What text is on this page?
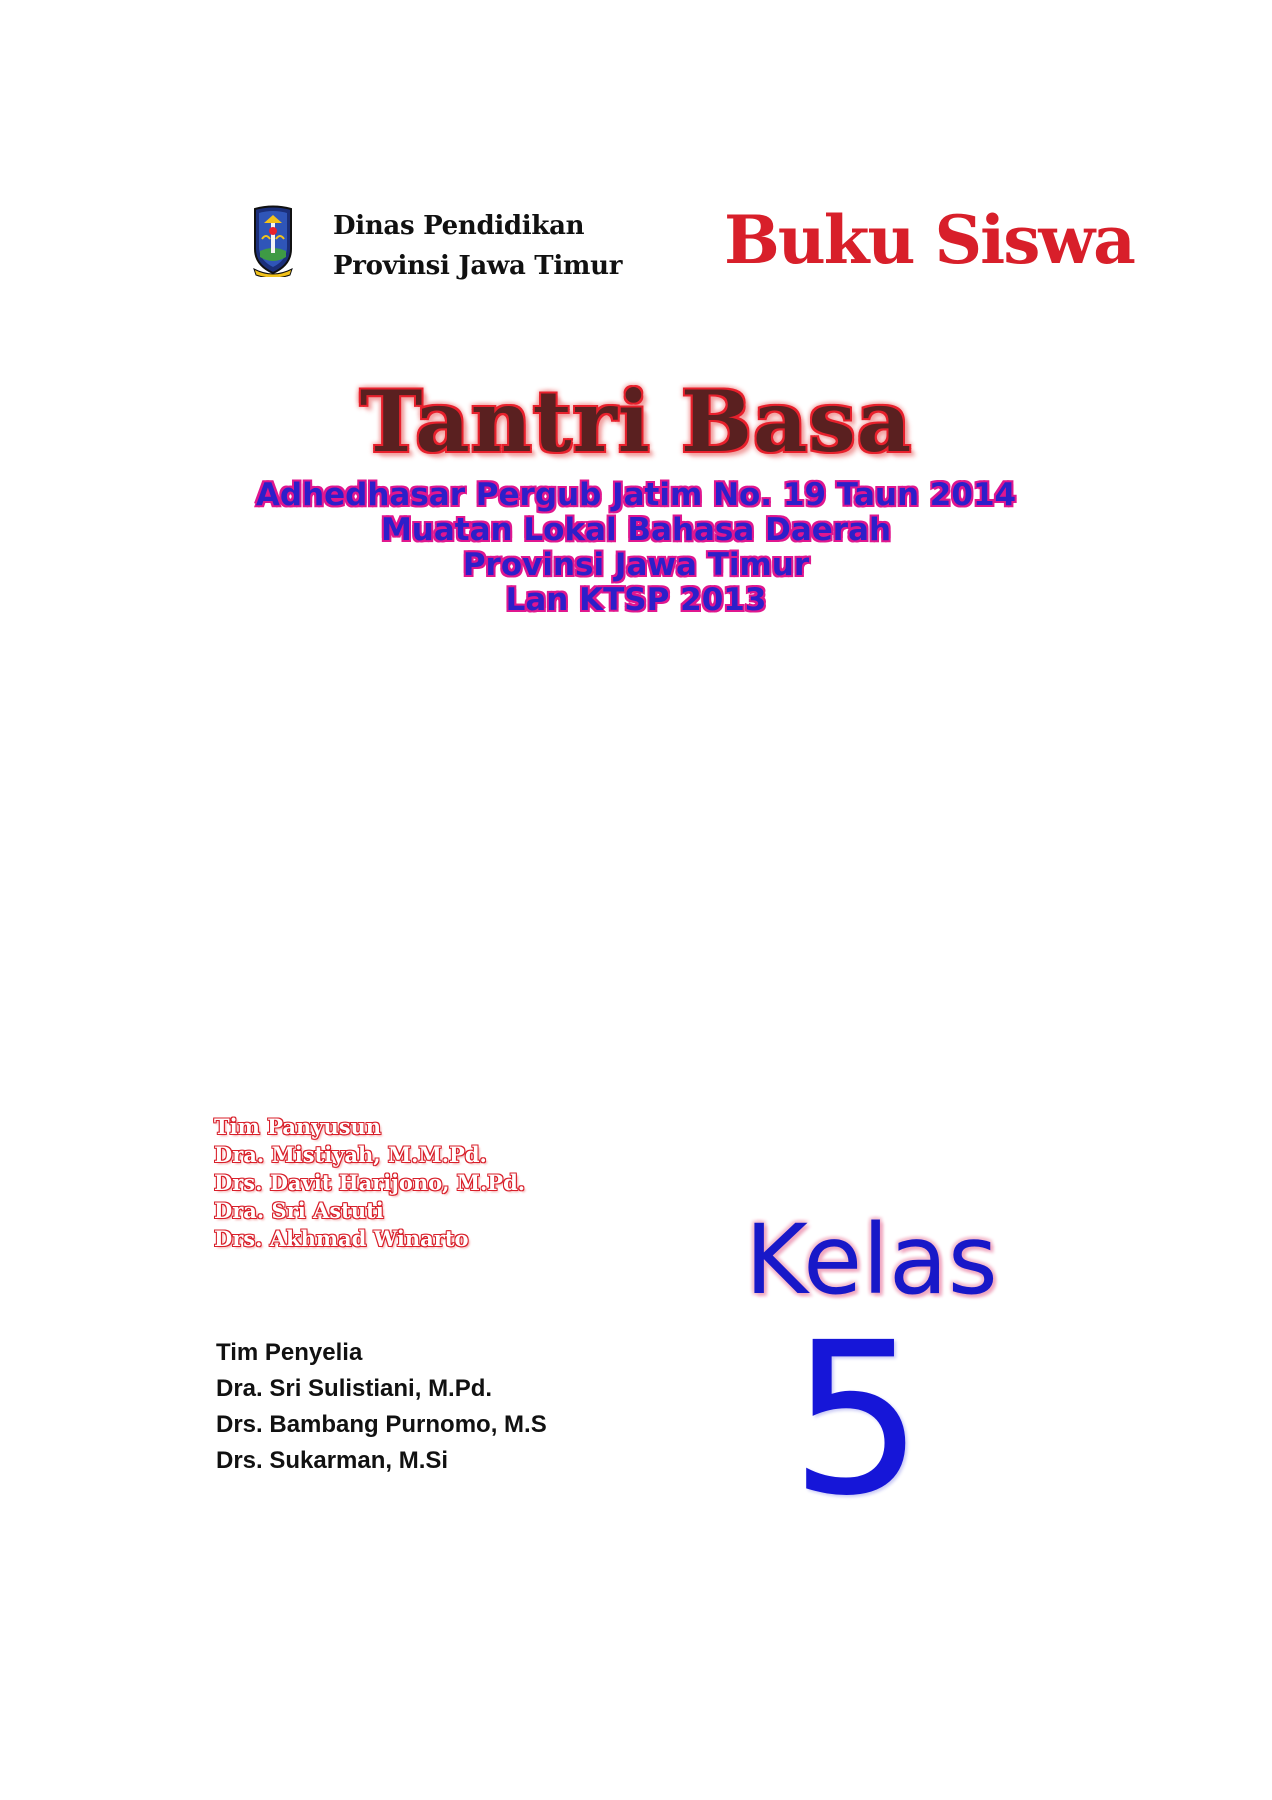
Dinas Pendidikan
Provinsi Jawa Timur	Buku Siswa
Tantri Basa
Adhedhasar Pergub Jatim No. 19 Taun 2014
Muatan Lokal Bahasa Daerah
Provinsi Jawa Timur
Lan KTSP 2013
Tim Panyusun
Dra. Mistiyah, M.M.Pd.
Drs. Davit Harijono, M.Pd.
Dra. Sri Astuti
Drs. Akhmad Winarto
Tim Penyelia
Dra. Sri Sulistiani, M.Pd.
Drs. Bambang Purnomo, M.S
Drs. Sukarman, M.Si
Kelas
5
